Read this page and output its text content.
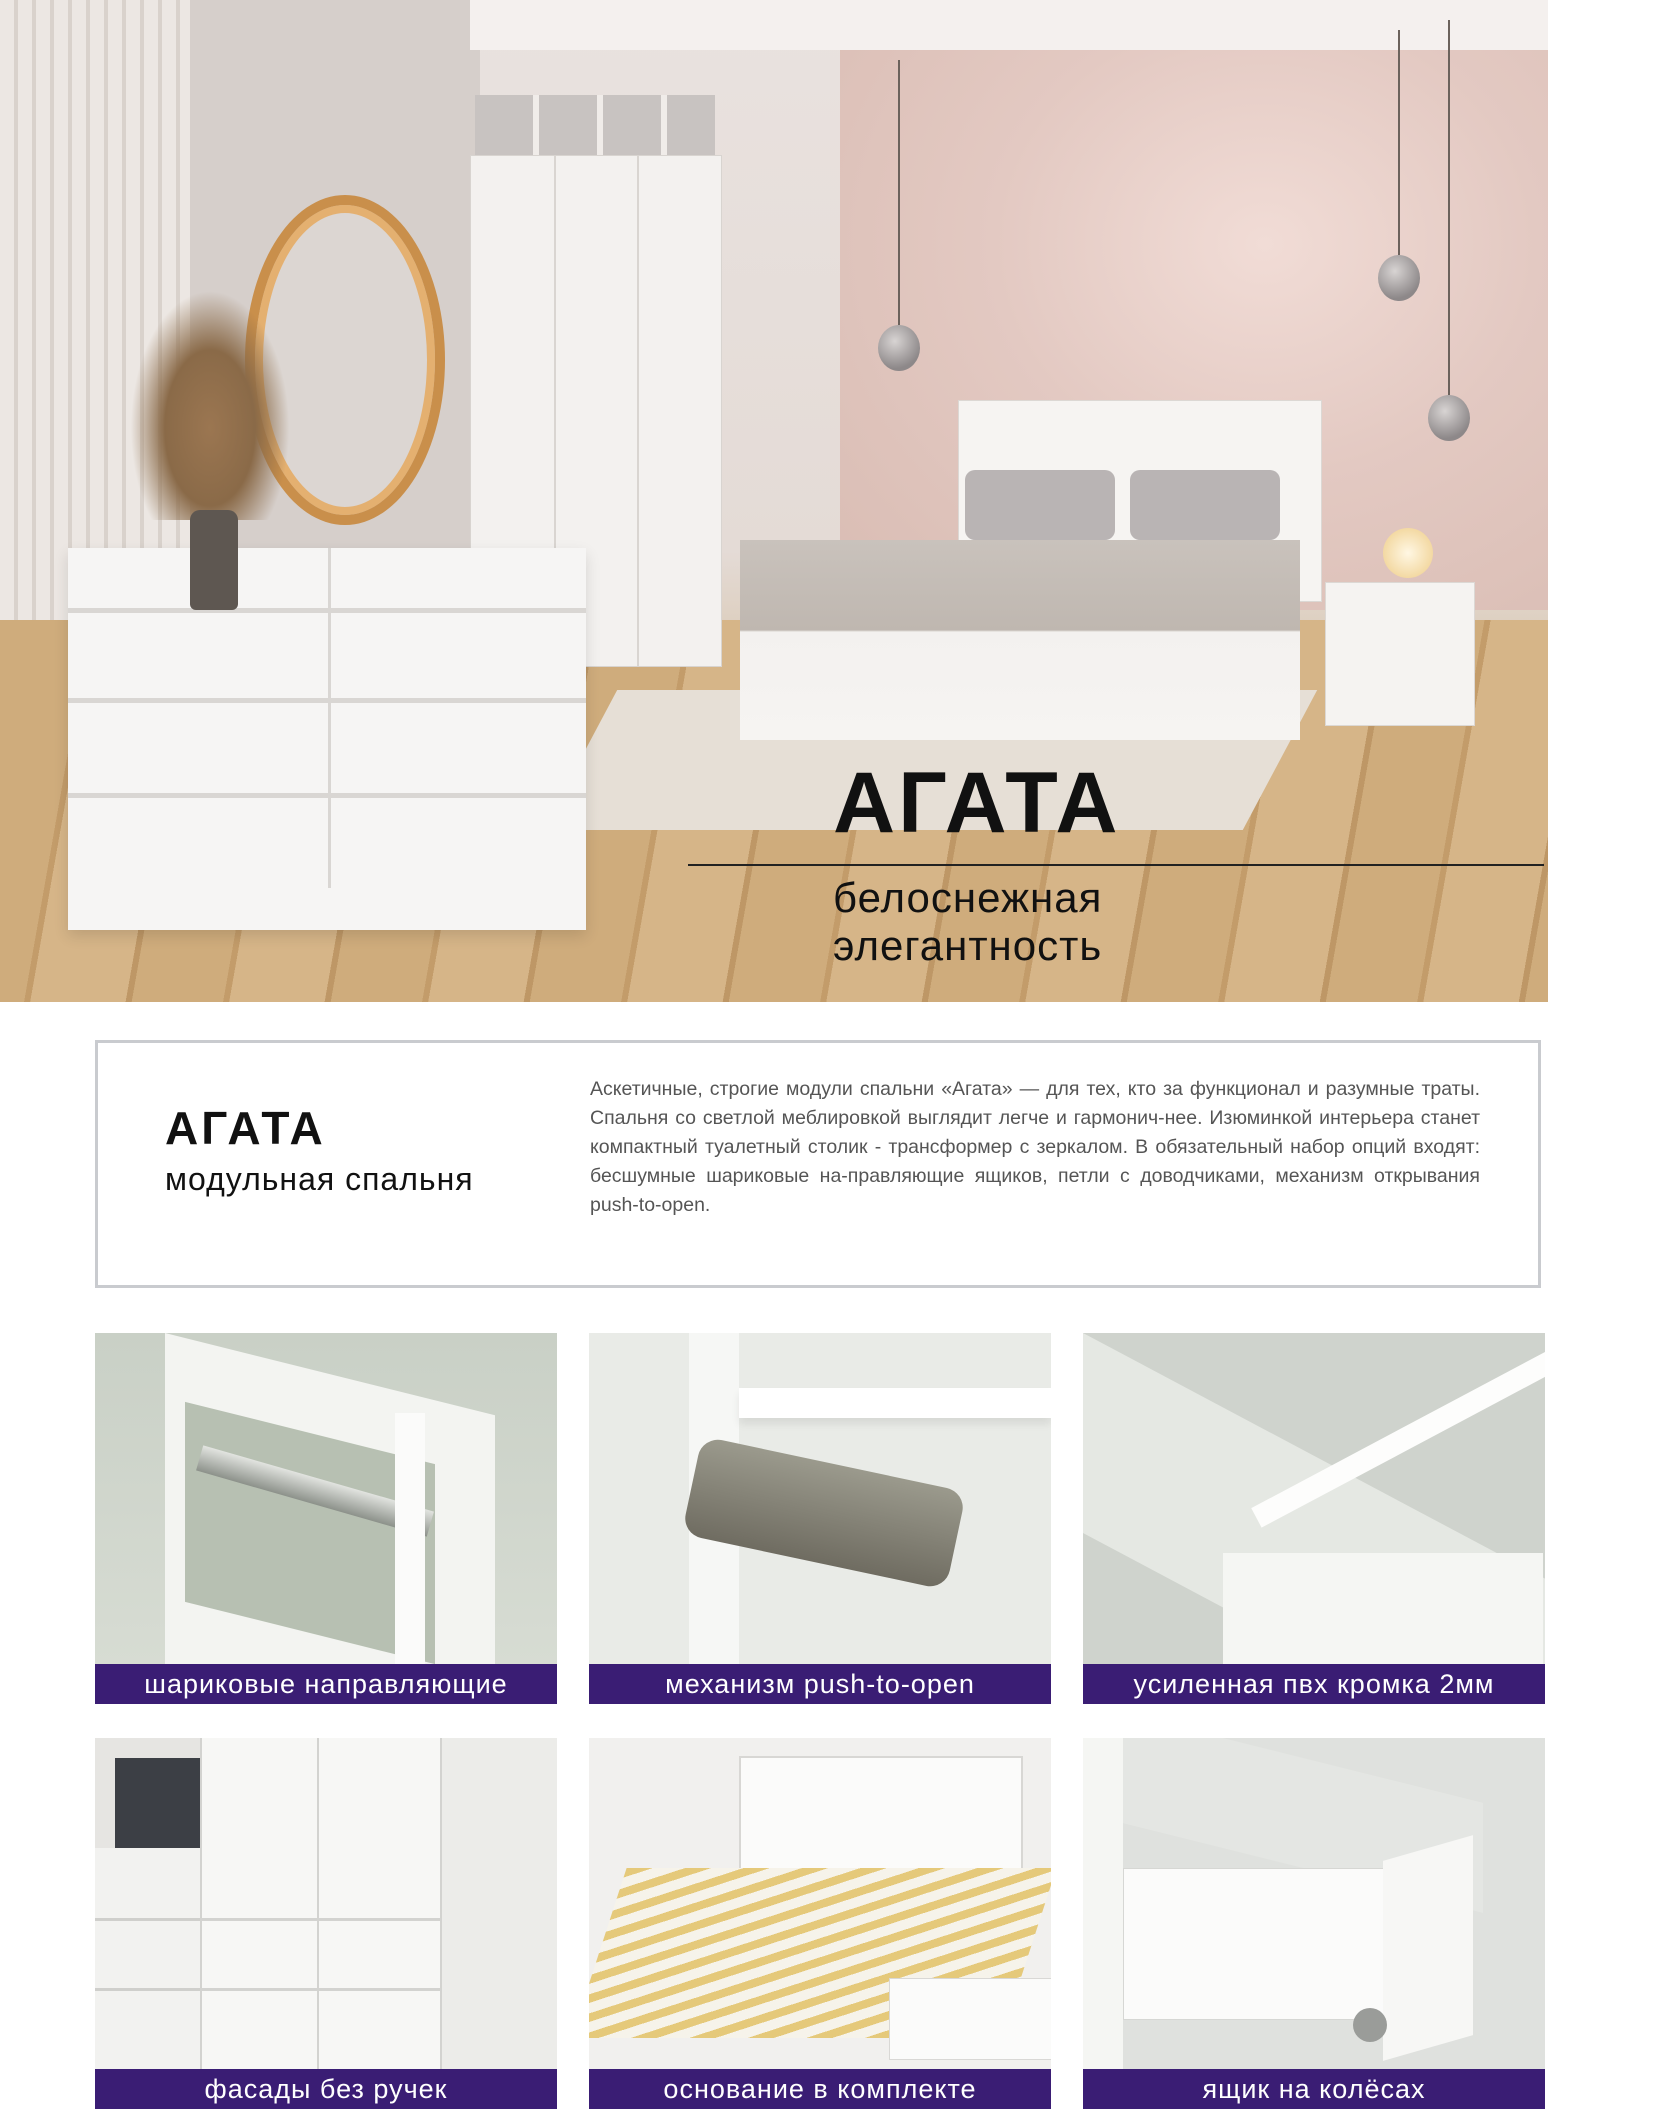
АГАТА
белоснежная
элегантность
АГАТА
модульная спальня

Аскетичные, строгие модули спальни «Агата» — для тех, кто за функционал и разумные траты. Спальня со светлой меблировкой выглядит легче и гармонич-нее. Изюминкой интерьера станет компактный туалетный столик - трансформер с зеркалом. В обязательный набор опций входят: бесшумные шариковые на-правляющие ящиков, петли с доводчиками, механизм открывания push-to-open.

шариковые направляющие	механизм push-to-open	усиленная пвх кромка 2мм
фасады без ручек	основание в комплекте	ящик на колёсах
